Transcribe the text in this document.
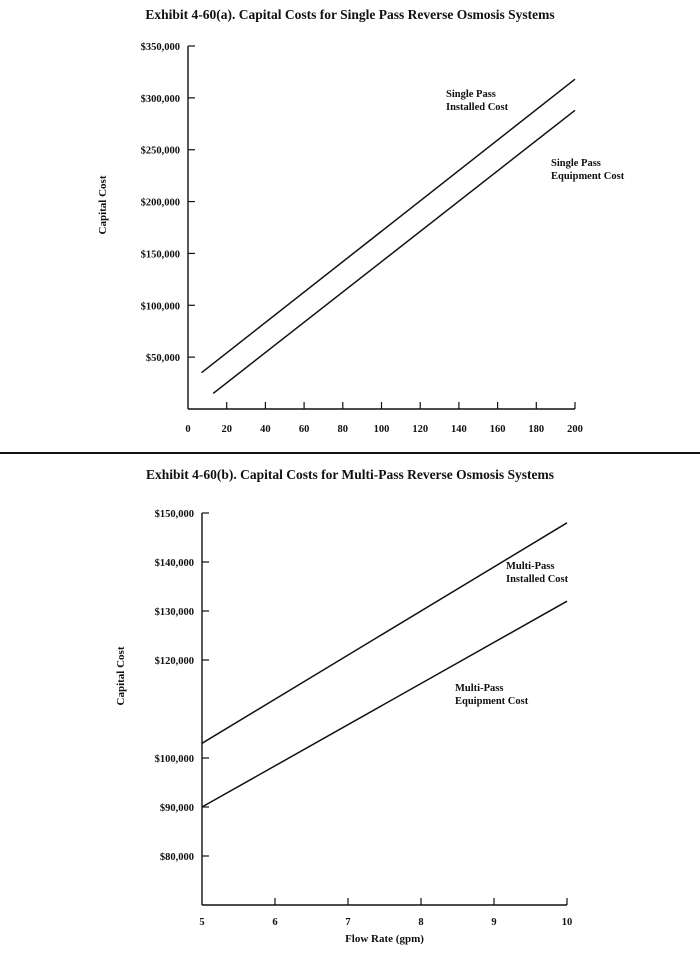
Exhibit 4-60(a). Capital Costs for Single Pass Reverse Osmosis Systems
$50,000
$100,000
$150,000
$200,000
$250,000
$300,000
$350,000
0	20	40	60	80 100 120 140 160 180 200
Capital Cost
Single Pass
Installed Cost
Single Pass
Equipment Cost
Exhibit 4-60(b). Capital Costs for Multi-Pass Reverse Osmosis Systems
$80,000
$90,000
$100,000
$120,000
$130,000
$140,000
$150,000
5	6	7	8	9	10
Capital Cost
Flow Rate (gpm)
Multi-Pass
Installed Cost
Multi-Pass
Equipment Cost
